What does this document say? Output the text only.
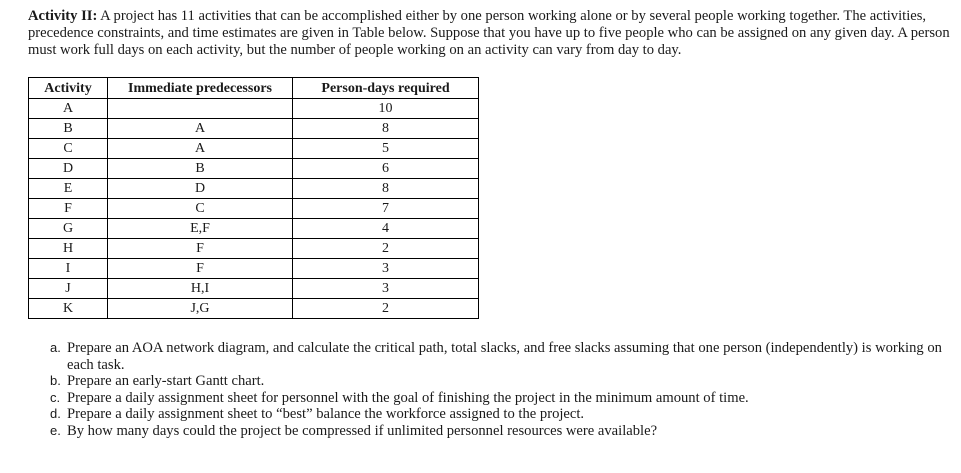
Activity II: A project has 11 activities that can be accomplished either by one person working alone or by several people working together. The activities, precedence constraints, and time estimates are given in Table below. Suppose that you have up to five people who can be assigned on any given day. A person must work full days on each activity, but the number of people working on an activity can vary from day to day.

Activity	Immediate predecessors	Person-days required
A		10
B	A	8
C	A	5
D	B	6
E	D	8
F	C	7
G	E,F	4
H	F	2
I	F	3
J	H,I	3
K	J,G	2
a. Prepare an AOA network diagram, and calculate the critical path, total slacks, and free slacks assuming that one person (independently) is working on each task.
b. Prepare an early-start Gantt chart.
c. Prepare a daily assignment sheet for personnel with the goal of finishing the project in the minimum amount of time.
d. Prepare a daily assignment sheet to “best” balance the workforce assigned to the project.
e. By how many days could the project be compressed if unlimited personnel resources were available?
